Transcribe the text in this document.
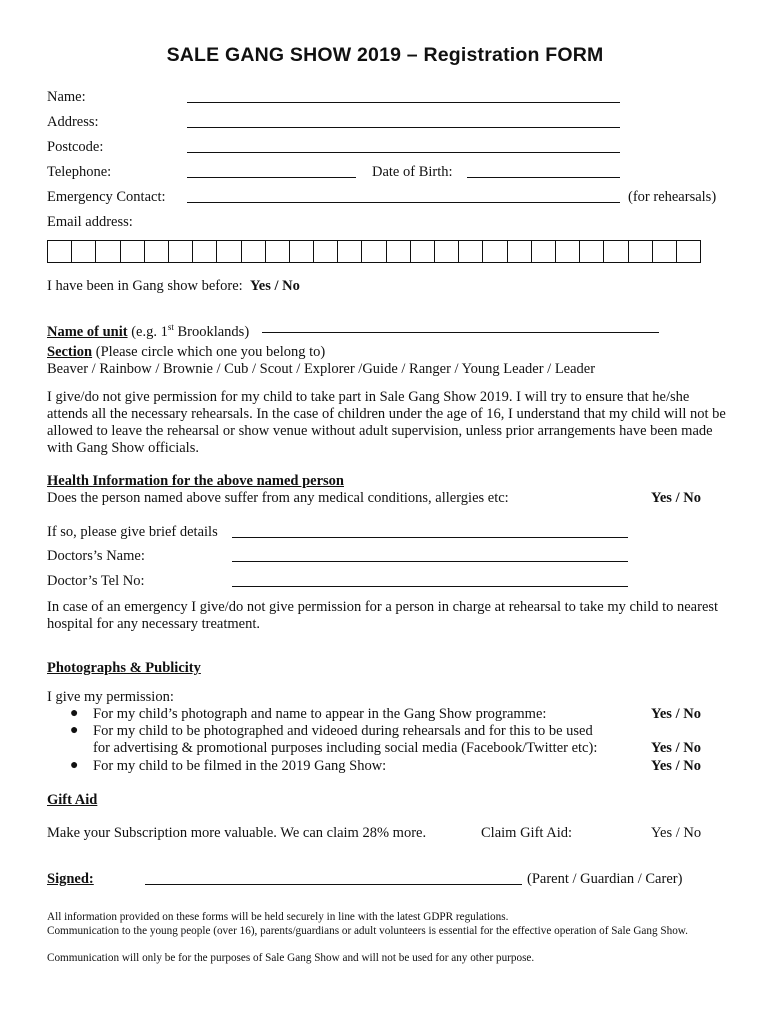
SALE GANG SHOW 2019 – Registration FORM
Name:
Address:
Postcode:
Telephone:	Date of Birth:
Emergency Contact:	(for rehearsals)
Email address:
I have been in Gang show before: Yes / No
Name of unit (e.g. 1st Brooklands)
Section (Please circle which one you belong to)
Beaver / Rainbow / Brownie / Cub / Scout / Explorer /Guide / Ranger / Young Leader / Leader
I give/do not give permission for my child to take part in Sale Gang Show 2019. I will try to ensure that he/she attends all the necessary rehearsals. In the case of children under the age of 16, I understand that my child will not be allowed to leave the rehearsal or show venue without adult supervision, unless prior arrangements have been made with Gang Show officials.
Health Information for the above named person
Does the person named above suffer from any medical conditions, allergies etc:	Yes / No
If so, please give brief details
Doctors’s Name:
Doctor’s Tel No:
In case of an emergency I give/do not give permission for a person in charge at rehearsal to take my child to nearest hospital for any necessary treatment.
Photographs & Publicity
I give my permission:
● For my child’s photograph and name to appear in the Gang Show programme:	Yes / No
● For my child to be photographed and videoed during rehearsals and for this to be used
for advertising & promotional purposes including social media (Facebook/Twitter etc):	Yes / No
● For my child to be filmed in the 2019 Gang Show:	Yes / No
Gift Aid
Make your Subscription more valuable. We can claim 28% more.	Claim Gift Aid:	Yes / No
Signed:	(Parent / Guardian / Carer)
All information provided on these forms will be held securely in line with the latest GDPR regulations.
Communication to the young people (over 16), parents/guardians or adult volunteers is essential for the effective operation of Sale Gang Show.
Communication will only be for the purposes of Sale Gang Show and will not be used for any other purpose.
